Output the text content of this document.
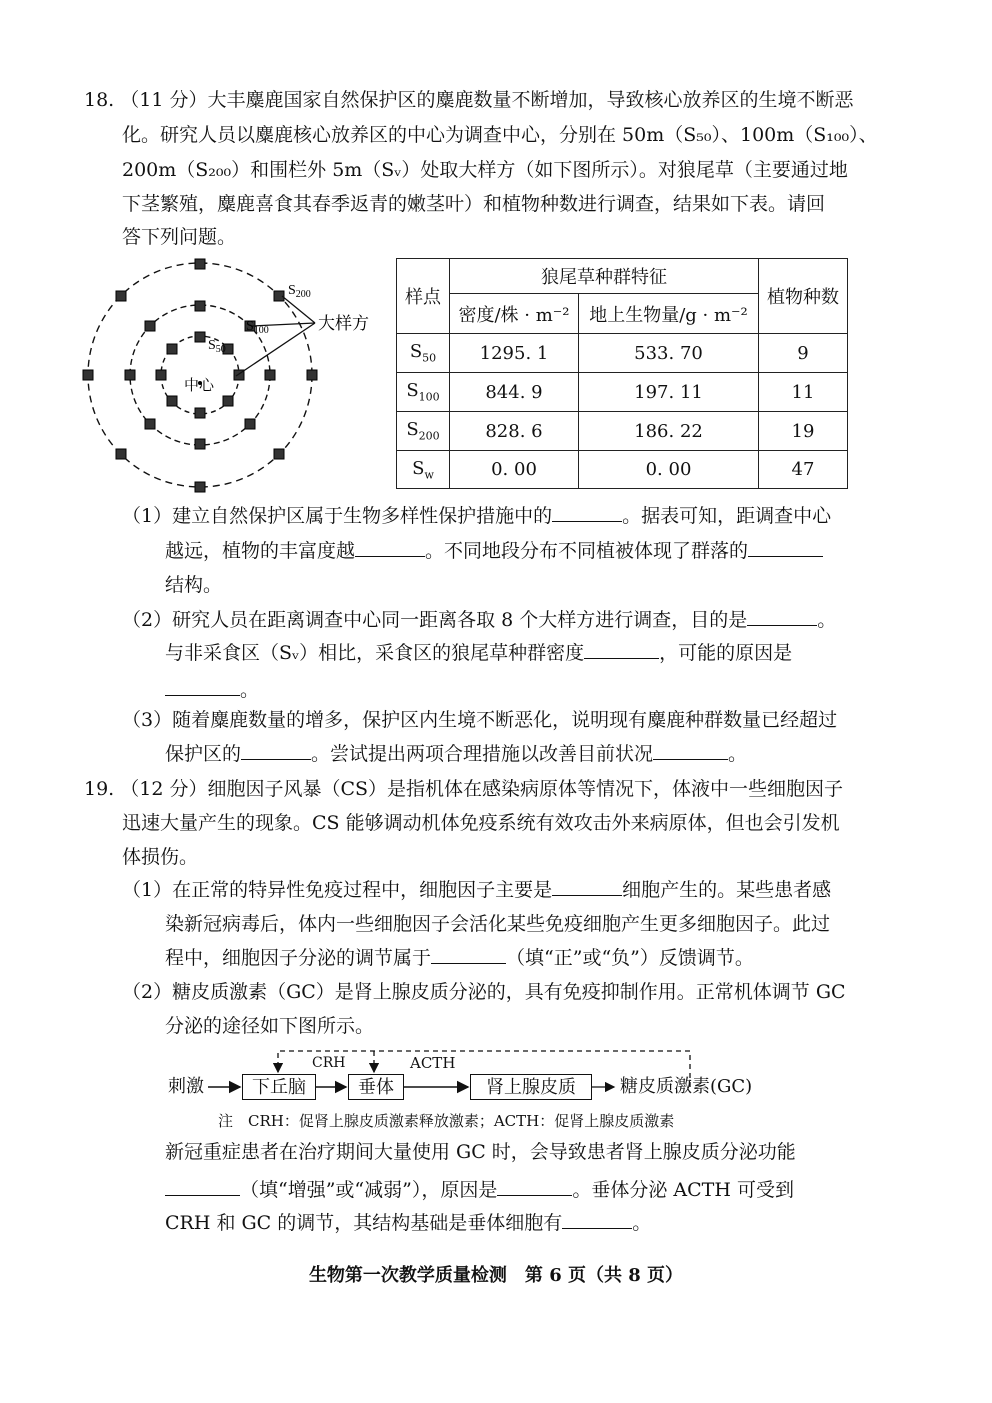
18. （11 分）大丰麋鹿国家自然保护区的麋鹿数量不断增加，导致核心放养区的生境不断恶
化。研究人员以麋鹿核心放养区的中心为调查中心，分别在 50m（S₅₀）、100m（S₁₀₀）、
200m（S₂₀₀）和围栏外 5m（Sᵥ）处取大样方（如下图所示）。对狼尾草（主要通过地
下茎繁殖，麋鹿喜食其春季返青的嫩茎叶）和植物种数进行调查，结果如下表。请回
答下列问题。
$S_{200}$
$S_{100}$
$S_{50}$
中心
大样方
样点	狼尾草种群特征		植物种数
	密度/株 · m⁻²	地上生物量/g · m⁻²	
$S_{50}$	1295. 1	533. 70	9
$S_{100}$	844. 9	197. 11	11
$S_{200}$	828. 6	186. 22	19
$S_w$	0. 00	0. 00	47
（1）建立自然保护区属于生物多样性保护措施中的	。据表可知，距调查中心
越远，植物的丰富度越	。不同地段分布不同植被体现了群落的
结构。
（2）研究人员在距离调查中心同一距离各取 8 个大样方进行调查，目的是	。
与非采食区（Sᵥ）相比，采食区的狼尾草种群密度	，可能的原因是
。
（3）随着麋鹿数量的增多，保护区内生境不断恶化，说明现有麋鹿种群数量已经超过
保护区的	。尝试提出两项合理措施以改善目前状况	。
19. （12 分）细胞因子风暴（CS）是指机体在感染病原体等情况下，体液中一些细胞因子
迅速大量产生的现象。CS 能够调动机体免疫系统有效攻击外来病原体，但也会引发机
体损伤。
（1）在正常的特异性免疫过程中，细胞因子主要是	细胞产生的。某些患者感
染新冠病毒后，体内一些细胞因子会活化某些免疫细胞产生更多细胞因子。此过
程中，细胞因子分泌的调节属于	（填“正”或“负”）反馈调节。
（2）糖皮质激素（GC）是肾上腺皮质分泌的，具有免疫抑制作用。正常机体调节 GC
分泌的途径如下图所示。
刺激	下丘脑
CRH
垂体
ACTH
肾上腺皮质	糖皮质激素(GC)
注　CRH：促肾上腺皮质激素释放激素；ACTH：促肾上腺皮质激素
新冠重症患者在治疗期间大量使用 GC 时，会导致患者肾上腺皮质分泌功能
（填“增强”或“减弱”），原因是	。垂体分泌 ACTH 可受到
CRH 和 GC 的调节，其结构基础是垂体细胞有	。
生物第一次教学质量检测　第 6 页（共 8 页）
